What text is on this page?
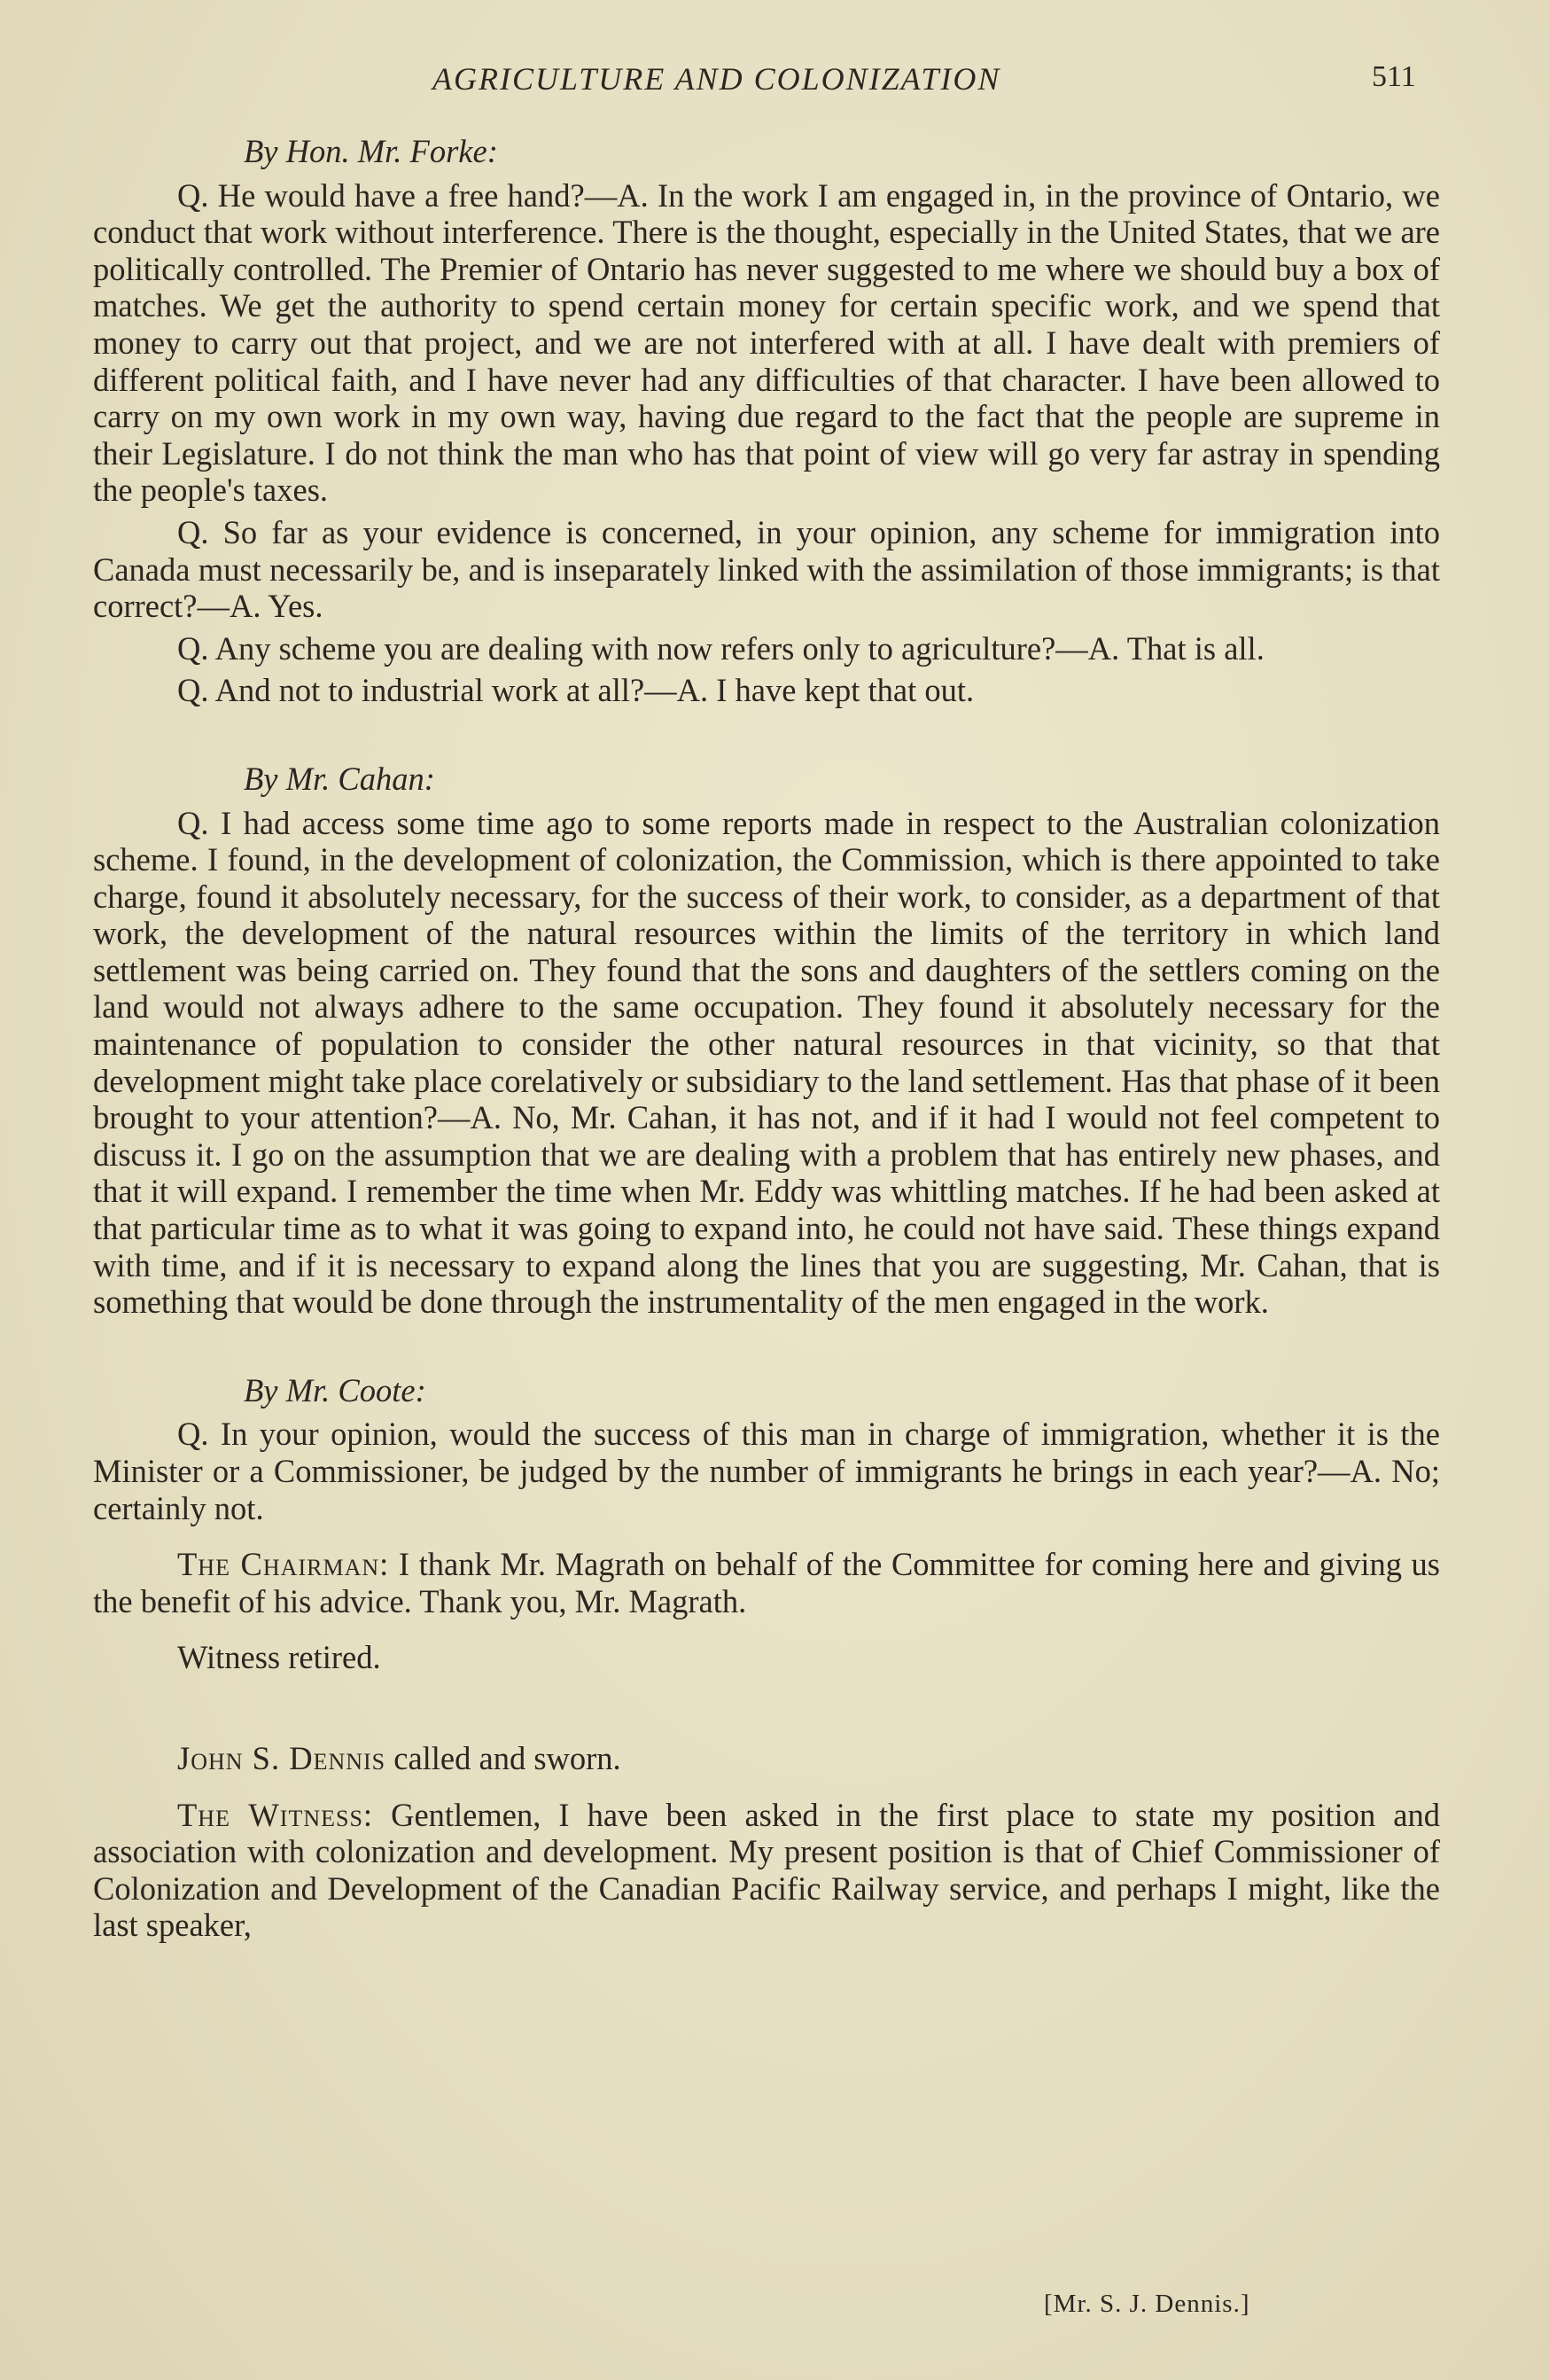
AGRICULTURE AND COLONIZATION	511
By Hon. Mr. Forke:

Q. He would have a free hand?—A. In the work I am engaged in, in the province of Ontario, we conduct that work without interference. There is the thought, especially in the United States, that we are politically controlled. The Premier of Ontario has never suggested to me where we should buy a box of matches. We get the authority to spend certain money for certain specific work, and we spend that money to carry out that project, and we are not interfered with at all. I have dealt with premiers of different political faith, and I have never had any difficulties of that character. I have been allowed to carry on my own work in my own way, having due regard to the fact that the people are supreme in their Legislature. I do not think the man who has that point of view will go very far astray in spending the people's taxes.

Q. So far as your evidence is concerned, in your opinion, any scheme for immigration into Canada must necessarily be, and is inseparately linked with the assimilation of those immigrants; is that correct?—A. Yes.

Q. Any scheme you are dealing with now refers only to agriculture?—A. That is all.

Q. And not to industrial work at all?—A. I have kept that out.

By Mr. Cahan:

Q. I had access some time ago to some reports made in respect to the Australian colonization scheme. I found, in the development of colonization, the Commission, which is there appointed to take charge, found it absolutely necessary, for the success of their work, to consider, as a department of that work, the development of the natural resources within the limits of the territory in which land settlement was being carried on. They found that the sons and daughters of the settlers coming on the land would not always adhere to the same occupation. They found it absolutely necessary for the maintenance of population to consider the other natural resources in that vicinity, so that that development might take place corelatively or subsidiary to the land settlement. Has that phase of it been brought to your attention?—A. No, Mr. Cahan, it has not, and if it had I would not feel competent to discuss it. I go on the assumption that we are dealing with a problem that has entirely new phases, and that it will expand. I remember the time when Mr. Eddy was whittling matches. If he had been asked at that particular time as to what it was going to expand into, he could not have said. These things expand with time, and if it is necessary to expand along the lines that you are suggesting, Mr. Cahan, that is something that would be done through the instrumentality of the men engaged in the work.

By Mr. Coote:

Q. In your opinion, would the success of this man in charge of immigration, whether it is the Minister or a Commissioner, be judged by the number of immigrants he brings in each year?—A. No; certainly not.

The Chairman: I thank Mr. Magrath on behalf of the Committee for coming here and giving us the benefit of his advice. Thank you, Mr. Magrath.

Witness retired.

John S. Dennis called and sworn.

The Witness: Gentlemen, I have been asked in the first place to state my position and association with colonization and development. My present position is that of Chief Commissioner of Colonization and Development of the Canadian Pacific Railway service, and perhaps I might, like the last speaker,

[Mr. S. J. Dennis.]
